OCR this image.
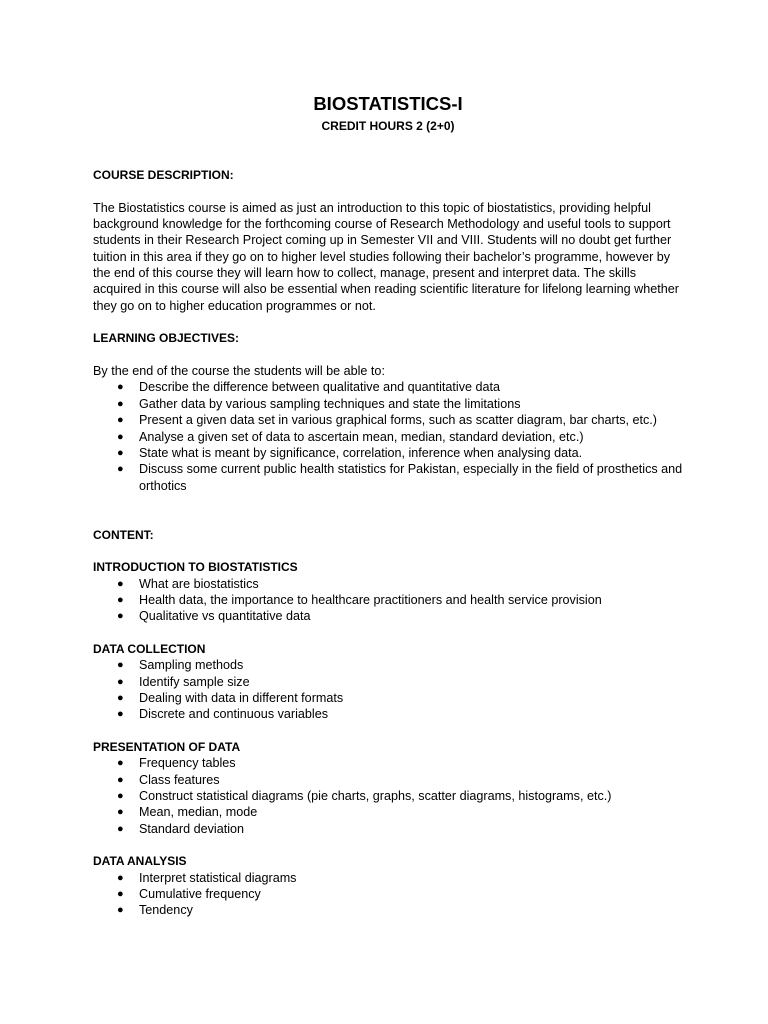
BIOSTATISTICS-I

CREDIT HOURS 2 (2+0)

COURSE DESCRIPTION:

The Biostatistics course is aimed as just an introduction to this topic of biostatistics, providing helpful background knowledge for the forthcoming course of Research Methodology and useful tools to support students in their Research Project coming up in Semester VII and VIII. Students will no doubt get further tuition in this area if they go on to higher level studies following their bachelor’s programme, however by the end of this course they will learn how to collect, manage, present and interpret data. The skills acquired in this course will also be essential when reading scientific literature for lifelong learning whether they go on to higher education programmes or not.

LEARNING OBJECTIVES:

By the end of the course the students will be able to:

● Describe the difference between qualitative and quantitative data
● Gather data by various sampling techniques and state the limitations
● Present a given data set in various graphical forms, such as scatter diagram, bar charts, etc.)
● Analyse a given set of data to ascertain mean, median, standard deviation, etc.)
● State what is meant by significance, correlation, inference when analysing data.
● Discuss some current public health statistics for Pakistan, especially in the field of prosthetics and orthotics

CONTENT:

INTRODUCTION TO BIOSTATISTICS

● What are biostatistics
● Health data, the importance to healthcare practitioners and health service provision
● Qualitative vs quantitative data

DATA COLLECTION

● Sampling methods
● Identify sample size
● Dealing with data in different formats
● Discrete and continuous variables

PRESENTATION OF DATA

● Frequency tables
● Class features
● Construct statistical diagrams (pie charts, graphs, scatter diagrams, histograms, etc.)
● Mean, median, mode
● Standard deviation

DATA ANALYSIS

● Interpret statistical diagrams
● Cumulative frequency
● Tendency
